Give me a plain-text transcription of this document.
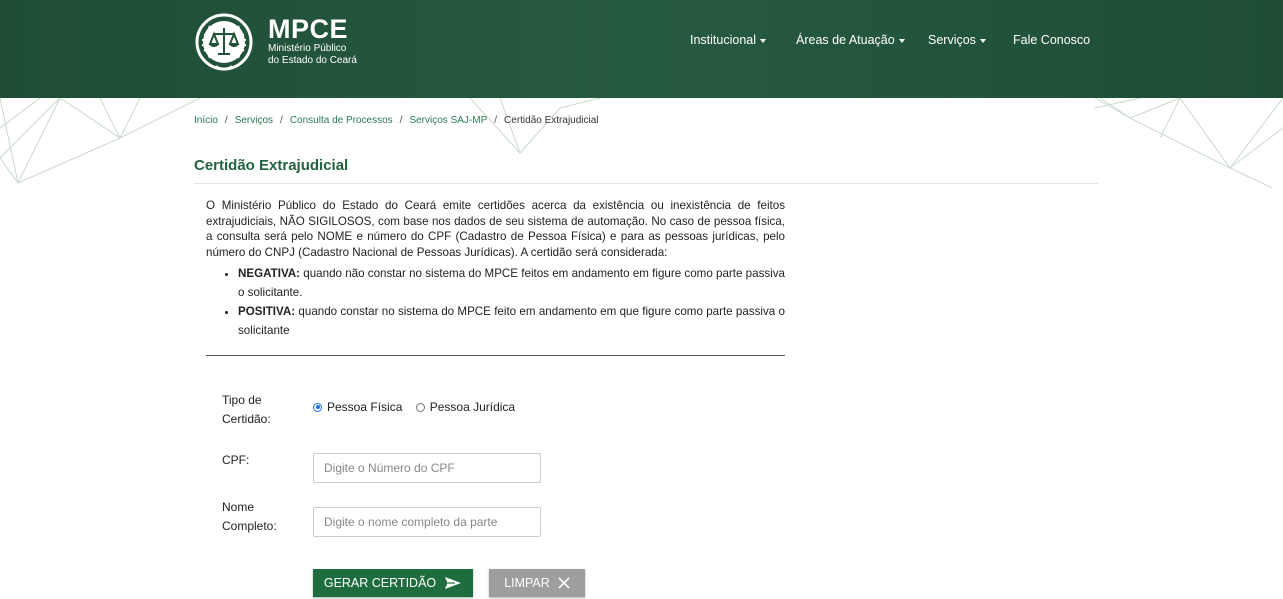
MPCE
Ministério Público
do Estado do Ceará
Institucional	Áreas de Atuação	Serviços	Fale Conosco
Início / Serviços / Consulta de Processos / Serviços SAJ-MP / Certidão Extrajudicial
Certidão Extrajudicial
O Ministério Público do Estado do Ceará emite certidões acerca da existência ou inexistência de feitos extrajudiciais, NÃO SIGILOSOS, com base nos dados de seu sistema de automação. No caso de pessoa física, a consulta será pelo NOME e número do CPF (Cadastro de Pessoa Física) e para as pessoas jurídicas, pelo número do CNPJ (Cadastro Nacional de Pessoas Jurídicas). A certidão será considerada:
• NEGATIVA: quando não constar no sistema do MPCE feitos em andamento em figure como parte passiva o solicitante.
• POSITIVA: quando constar no sistema do MPCE feito em andamento em que figure como parte passiva o solicitante
Tipo de
Certidão:
Pessoa Física
Pessoa Jurídica
CPF:
Digite o Número do CPF
Nome
Completo:
Digite o nome completo da parte
GERAR CERTIDÃO	LIMPAR
